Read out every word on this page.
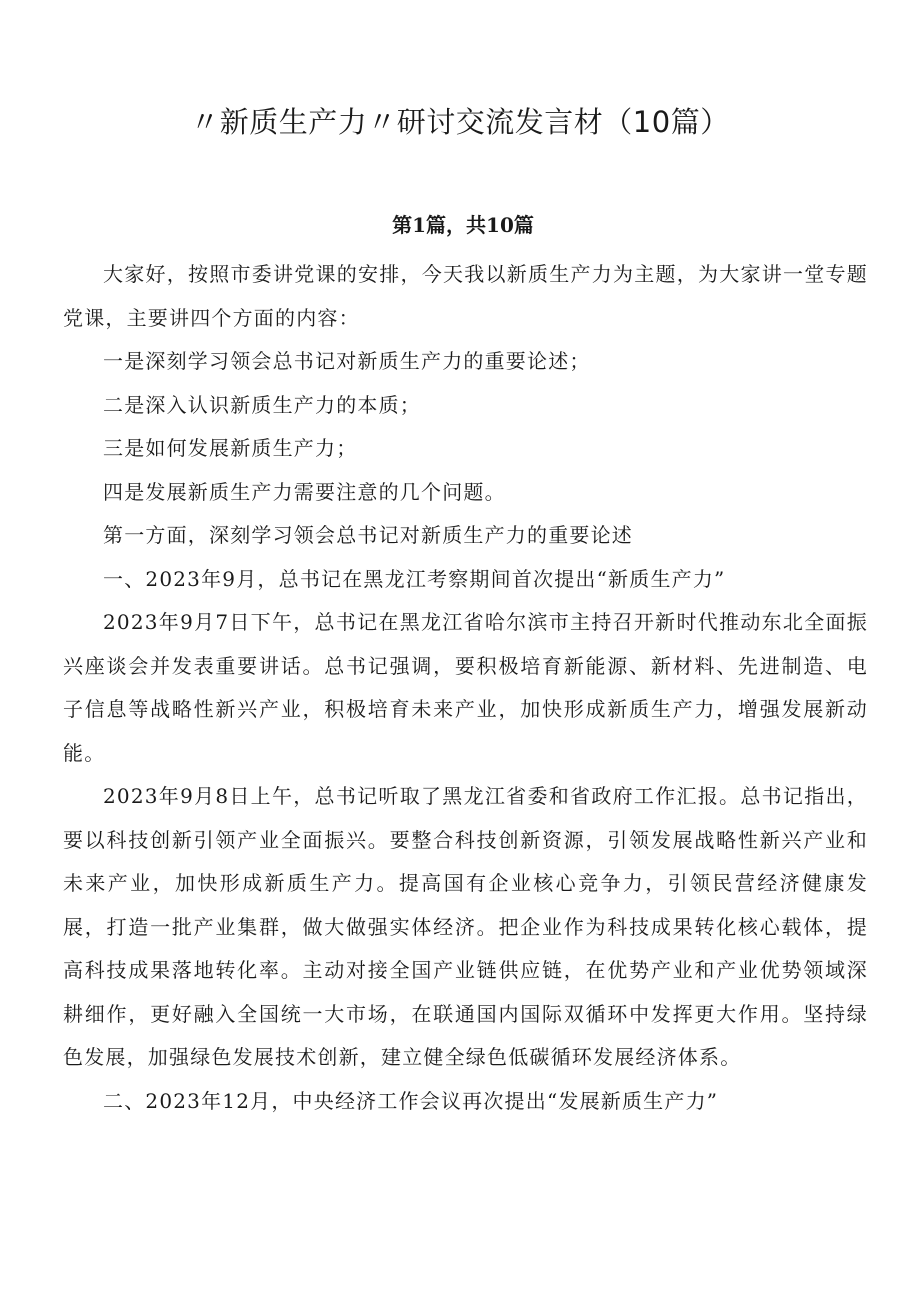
〃新质生产力〃研讨交流发言材（10篇）
第1篇，共10篇

大家好，按照市委讲党课的安排，今天我以新质生产力为主题，为大家讲一堂专题党课，主要讲四个方面的内容：

一是深刻学习领会总书记对新质生产力的重要论述；

二是深入认识新质生产力的本质；

三是如何发展新质生产力；

四是发展新质生产力需要注意的几个问题。

第一方面，深刻学习领会总书记对新质生产力的重要论述

一、2023年9月，总书记在黑龙江考察期间首次提出“新质生产力”

2023年9月7日下午，总书记在黑龙江省哈尔滨市主持召开新时代推动东北全面振兴座谈会并发表重要讲话。总书记强调，要积极培育新能源、新材料、先进制造、电子信息等战略性新兴产业，积极培育未来产业，加快形成新质生产力，增强发展新动能。

2023年9月8日上午，总书记听取了黑龙江省委和省政府工作汇报。总书记指出，要以科技创新引领产业全面振兴。要整合科技创新资源，引领发展战略性新兴产业和未来产业，加快形成新质生产力。提高国有企业核心竞争力，引领民营经济健康发展，打造一批产业集群，做大做强实体经济。把企业作为科技成果转化核心载体，提高科技成果落地转化率。主动对接全国产业链供应链，在优势产业和产业优势领域深耕细作，更好融入全国统一大市场，在联通国内国际双循环中发挥更大作用。坚持绿色发展，加强绿色发展技术创新，建立健全绿色低碳循环发展经济体系。

二、2023年12月，中央经济工作会议再次提出“发展新质生产力”
